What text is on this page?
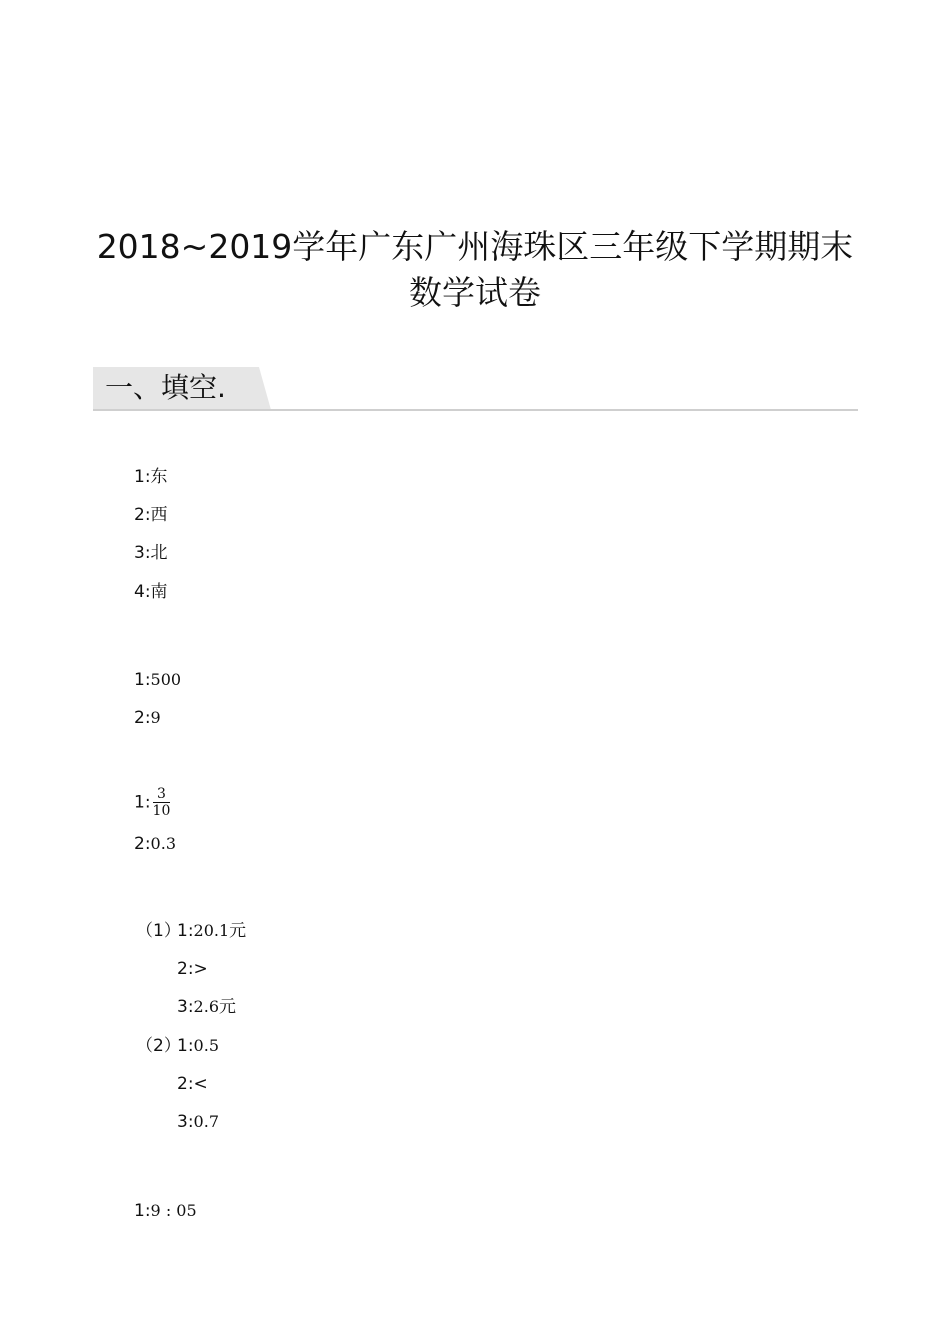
2018~2019学年广东广州海珠区三年级下学期期末
数学试卷
一、填空.
1:东
2:西
3:北
4:南
1:500
2:9
1: $\frac{3}{10}$
2:0.3
（1）
1:20.1元
2:>
3:2.6元
（2）
1:0.5
2:<
3:0.7
1:9 : 05
